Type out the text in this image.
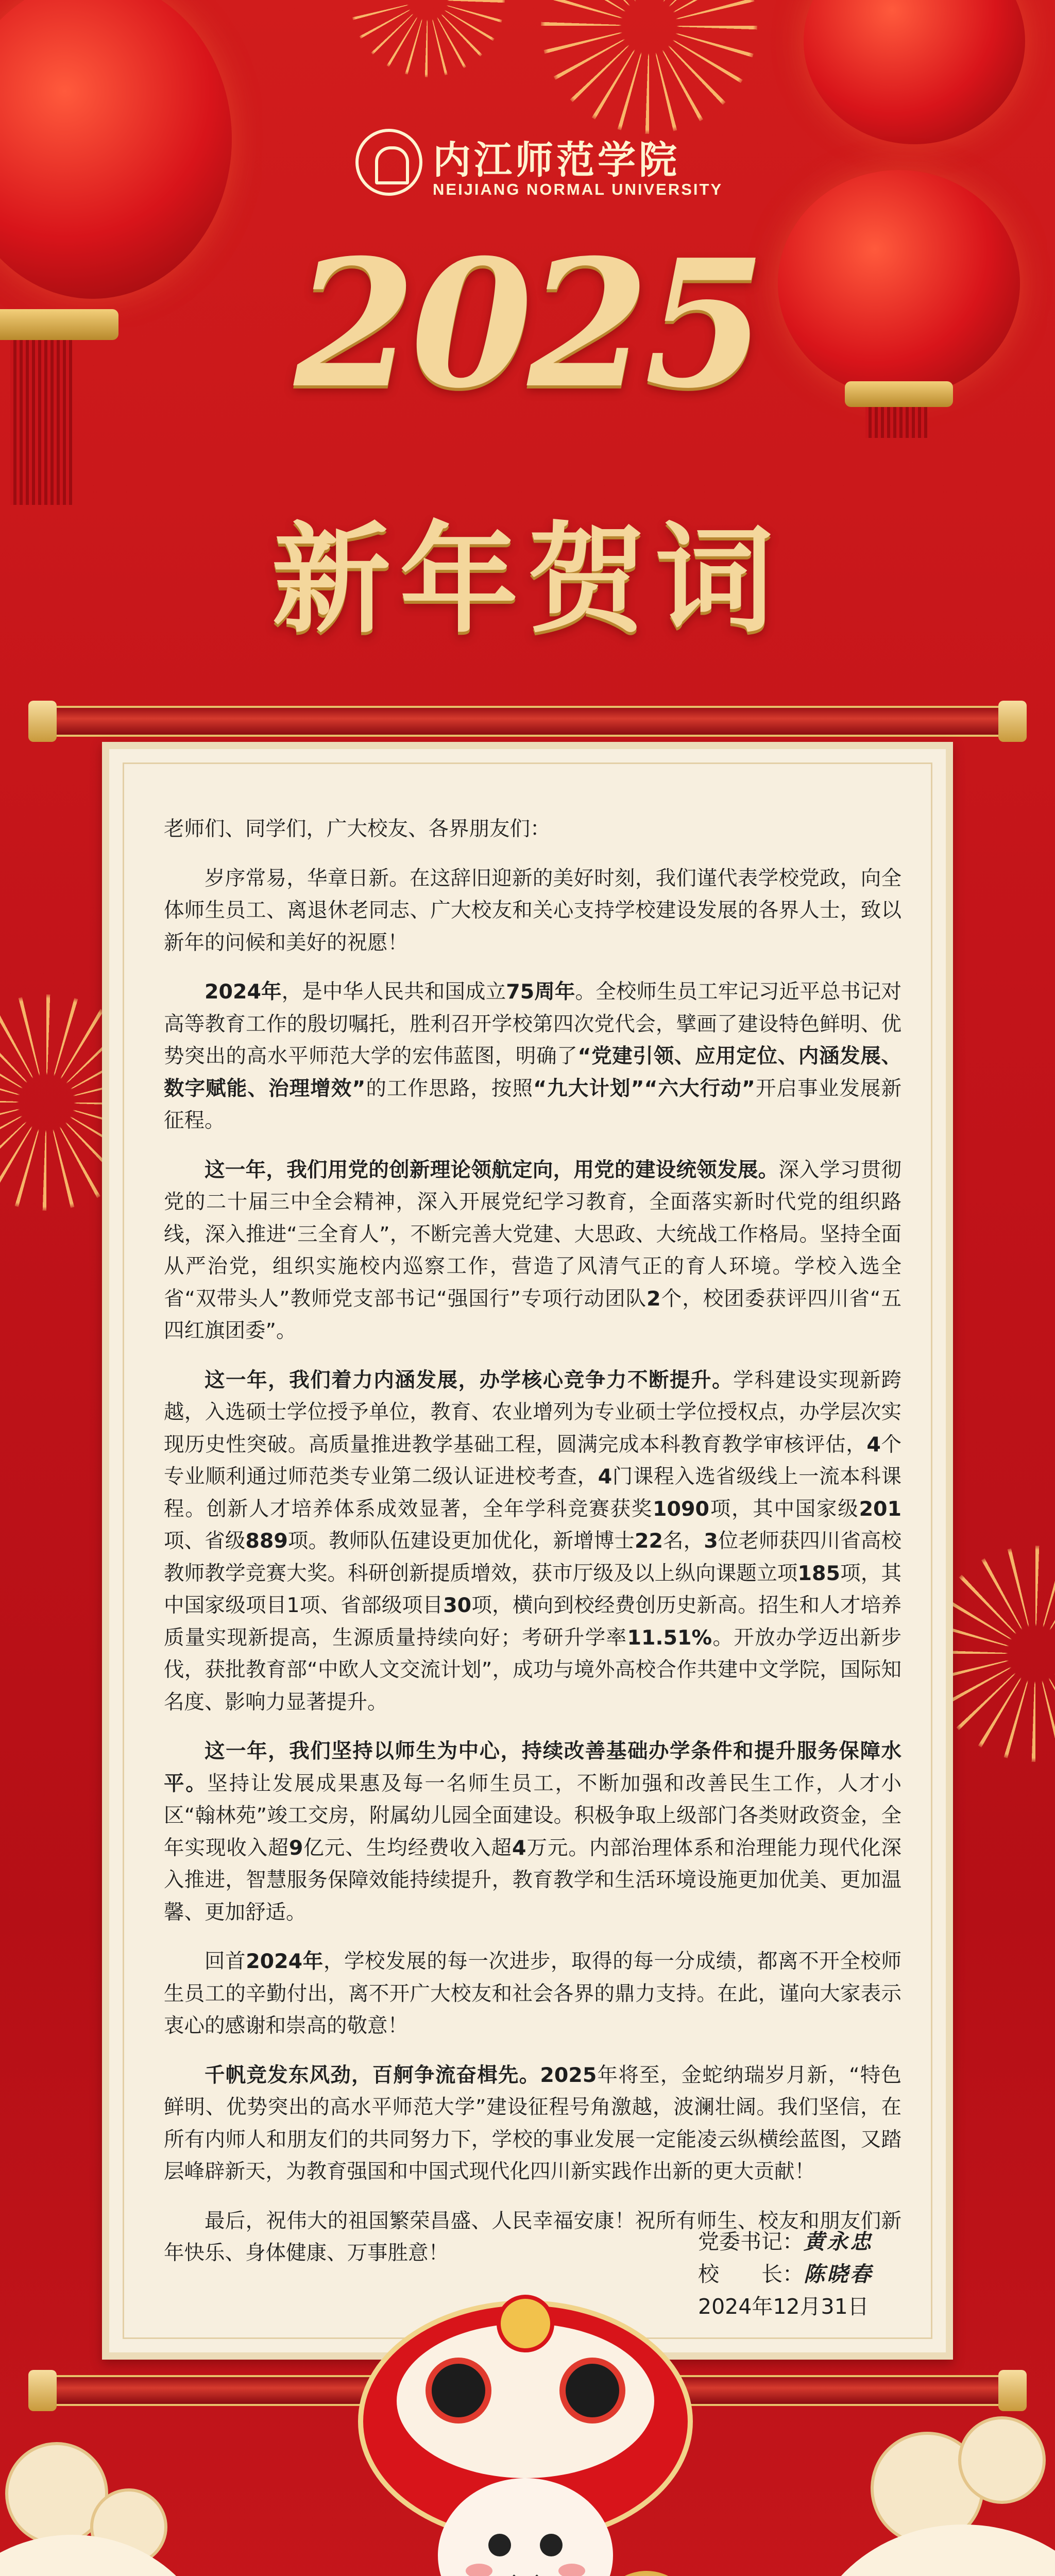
内江师范学院
NEIJIANG NORMAL UNIVERSITY
2025
新年贺词

老师们、同学们，广大校友、各界朋友们：

岁序常易，华章日新。在这辞旧迎新的美好时刻，我们谨代表学校党政，向全体师生员工、离退休老同志、广大校友和关心支持学校建设发展的各界人士，致以新年的问候和美好的祝愿！

2024年，是中华人民共和国成立75周年。全校师生员工牢记习近平总书记对高等教育工作的殷切嘱托，胜利召开学校第四次党代会，擘画了建设特色鲜明、优势突出的高水平师范大学的宏伟蓝图，明确了“党建引领、应用定位、内涵发展、数字赋能、治理增效”的工作思路，按照“九大计划”“六大行动”开启事业发展新征程。

这一年，我们用党的创新理论领航定向，用党的建设统领发展。深入学习贯彻党的二十届三中全会精神，深入开展党纪学习教育，全面落实新时代党的组织路线，深入推进“三全育人”，不断完善大党建、大思政、大统战工作格局。坚持全面从严治党，组织实施校内巡察工作，营造了风清气正的育人环境。学校入选全省“双带头人”教师党支部书记“强国行”专项行动团队2个，校团委获评四川省“五四红旗团委”。

这一年，我们着力内涵发展，办学核心竞争力不断提升。学科建设实现新跨越，入选硕士学位授予单位，教育、农业增列为专业硕士学位授权点，办学层次实现历史性突破。高质量推进教学基础工程，圆满完成本科教育教学审核评估，4个专业顺利通过师范类专业第二级认证进校考查，4门课程入选省级线上一流本科课程。创新人才培养体系成效显著，全年学科竞赛获奖1090项，其中国家级201项、省级889项。教师队伍建设更加优化，新增博士22名，3位老师获四川省高校教师教学竞赛大奖。科研创新提质增效，获市厅级及以上纵向课题立项185项，其中国家级项目1项、省部级项目30项，横向到校经费创历史新高。招生和人才培养质量实现新提高，生源质量持续向好；考研升学率11.51%。开放办学迈出新步伐，获批教育部“中欧人文交流计划”，成功与境外高校合作共建中文学院，国际知名度、影响力显著提升。

这一年，我们坚持以师生为中心，持续改善基础办学条件和提升服务保障水平。坚持让发展成果惠及每一名师生员工，不断加强和改善民生工作，人才小区“翰林苑”竣工交房，附属幼儿园全面建设。积极争取上级部门各类财政资金，全年实现收入超9亿元、生均经费收入超4万元。内部治理体系和治理能力现代化深入推进，智慧服务保障效能持续提升，教育教学和生活环境设施更加优美、更加温馨、更加舒适。

回首2024年，学校发展的每一次进步，取得的每一分成绩，都离不开全校师生员工的辛勤付出，离不开广大校友和社会各界的鼎力支持。在此，谨向大家表示衷心的感谢和崇高的敬意！

千帆竞发东风劲，百舸争流奋楫先。2025年将至，金蛇纳瑞岁月新，“特色鲜明、优势突出的高水平师范大学”建设征程号角激越，波澜壮阔。我们坚信，在所有内师人和朋友们的共同努力下，学校的事业发展一定能凌云纵横绘蓝图，又踏层峰辟新天，为教育强国和中国式现代化四川新实践作出新的更大贡献！

最后，祝伟大的祖国繁荣昌盛、人民幸福安康！祝所有师生、校友和朋友们新年快乐、身体健康、万事胜意！	党委书记： 黄永忠
校　　长： 陈晓春
2024年12月31日
